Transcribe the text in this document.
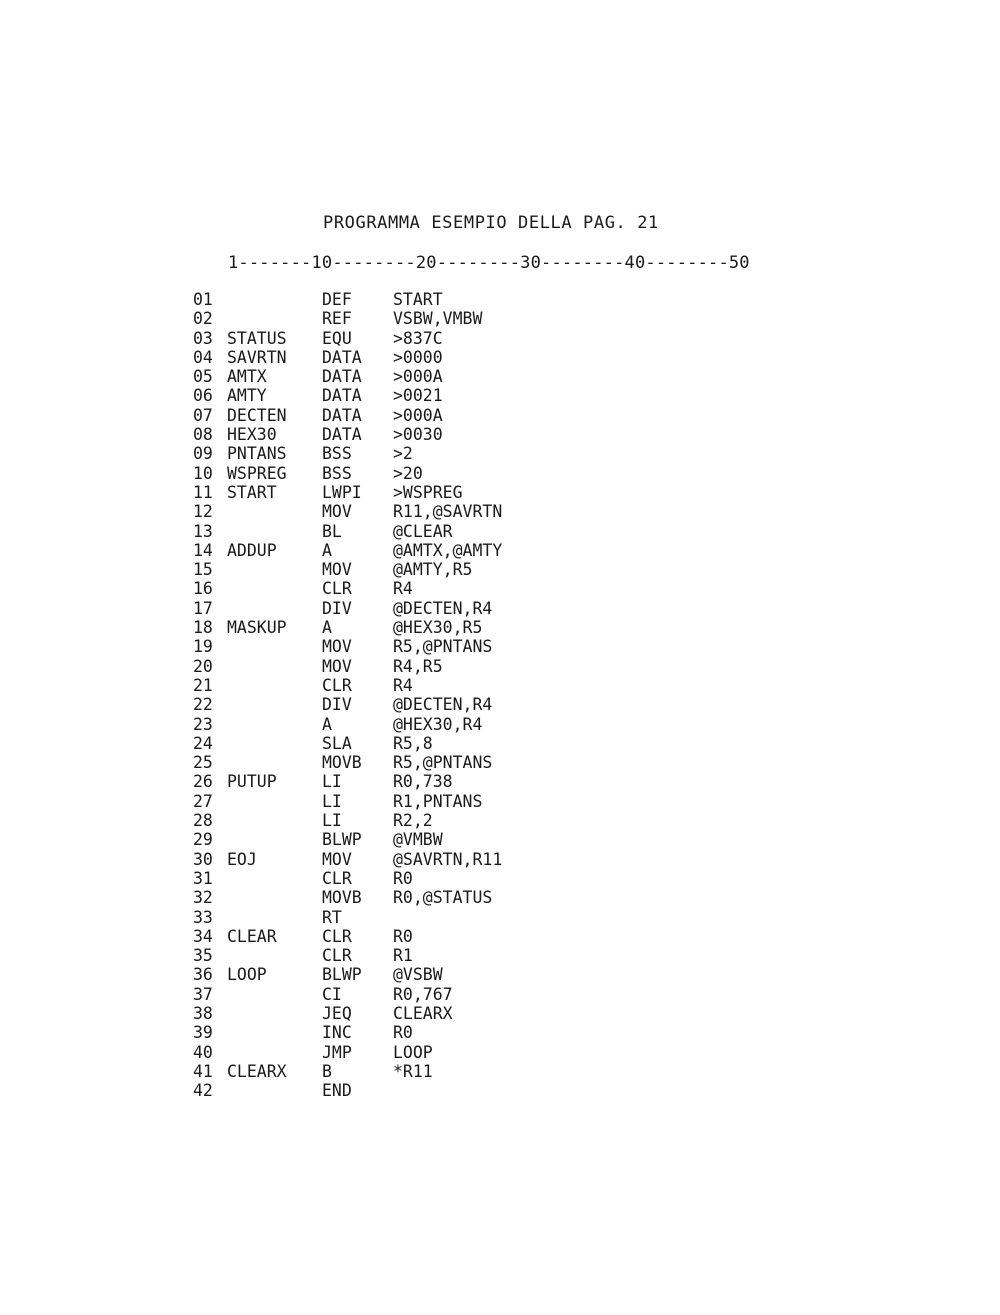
PROGRAMMA ESEMPIO DELLA PAG. 21
1-------10--------20--------30--------40--------50
01	DEF START
02	REF VSBW,VMBW
03 STATUS EQU >837C
04 SAVRTN DATA >0000
05 AMTX	DATA >000A
06 AMTY	DATA >0021
07 DECTEN DATA >000A
08 HEX30	DATA >0030
09 PNTANS BSS >2
10 WSPREG BSS >20
11 START	LWPI >WSPREG
12	MOV R11,@SAVRTN
13	BL	@CLEAR
14 ADDUP	A	@AMTX,@AMTY
15	MOV @AMTY,R5
16	CLR R4
17	DIV @DECTEN,R4
18 MASKUP A	@HEX30,R5
19	MOV R5,@PNTANS
20	MOV R4,R5
21	CLR R4
22	DIV @DECTEN,R4
23	A	@HEX30,R4
24	SLA R5,8
25	MOVB R5,@PNTANS
26 PUTUP	LI	R0,738
27	LI	R1,PNTANS
28	LI	R2,2
29	BLWP @VMBW
30 EOJ	MOV @SAVRTN,R11
31	CLR R0
32	MOVB R0,@STATUS
33	RT
34 CLEAR	CLR R0
35	CLR R1
36 LOOP	BLWP @VSBW
37	CI	R0,767
38	JEQ CLEARX
39	INC R0
40	JMP LOOP
41 CLEARX B	*R11
42	END
